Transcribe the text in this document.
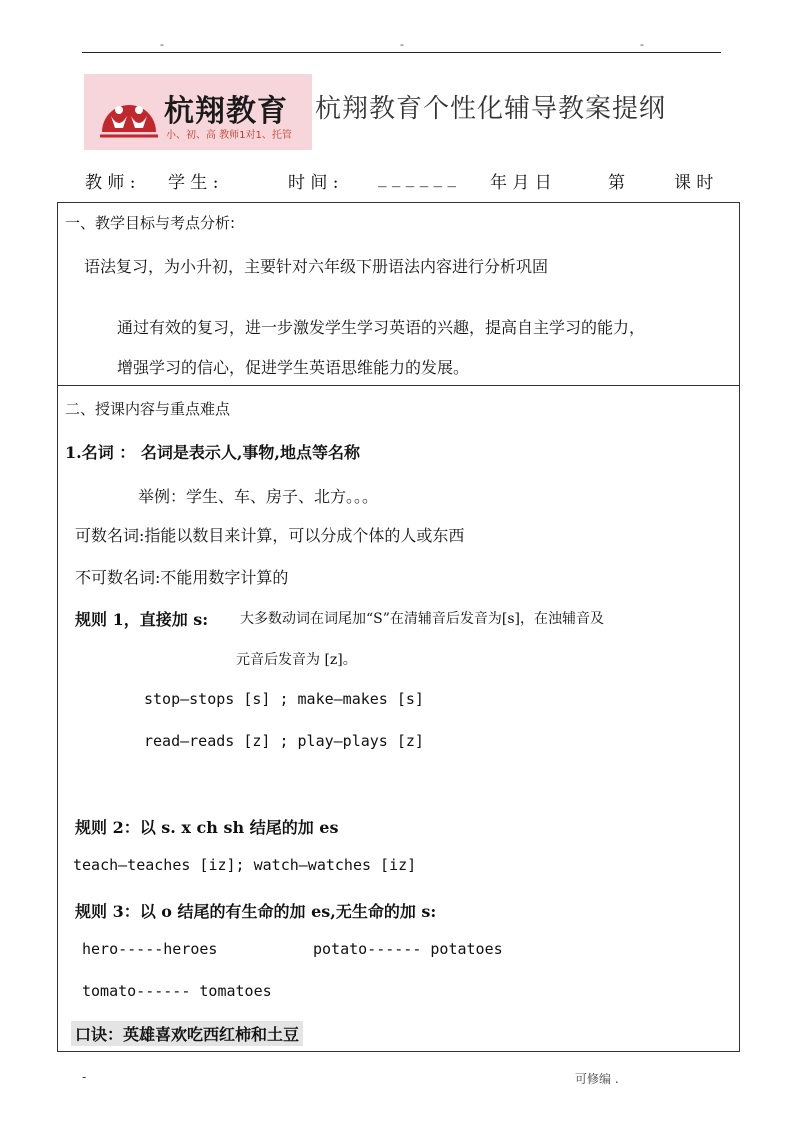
-	-	-
杭翔教育
小、初、高 教师1对1、托管
杭翔教育个性化辅导教案提纲
教 师 : 学 生 :	时 间 : _ _ _ _ _ _ 年 月 日	第	课 时
一、教学目标与考点分析:
语法复习，为小升初，主要针对六年级下册语法内容进行分析巩固
通过有效的复习，进一步激发学生学习英语的兴趣，提高自主学习的能力，
增强学习的信心，促进学生英语思维能力的发展。
二、授课内容与重点难点
1.名词 ： 名词是表示人,事物,地点等名称
举例：学生、车、房子、北方。。。
可数名词:指能以数目来计算，可以分成个体的人或东西
不可数名词:不能用数字计算的
规则 1，直接加 s: 大多数动词在词尾加“S”在清辅音后发音为[s]，在浊辅音及
元音后发音为 [z]。
stop—stops [s] ; make—makes [s]
read—reads [z] ; play—plays [z]
规则 2：以 s. x ch sh 结尾的加 es
teach—teaches [iz]; watch—watches [iz]
规则 3：以 o 结尾的有生命的加 es,无生命的加 s:
hero-----heroes	potato------ potatoes
tomato------ tomatoes
口诀：英雄喜欢吃西红柿和土豆
-	可修编 .
